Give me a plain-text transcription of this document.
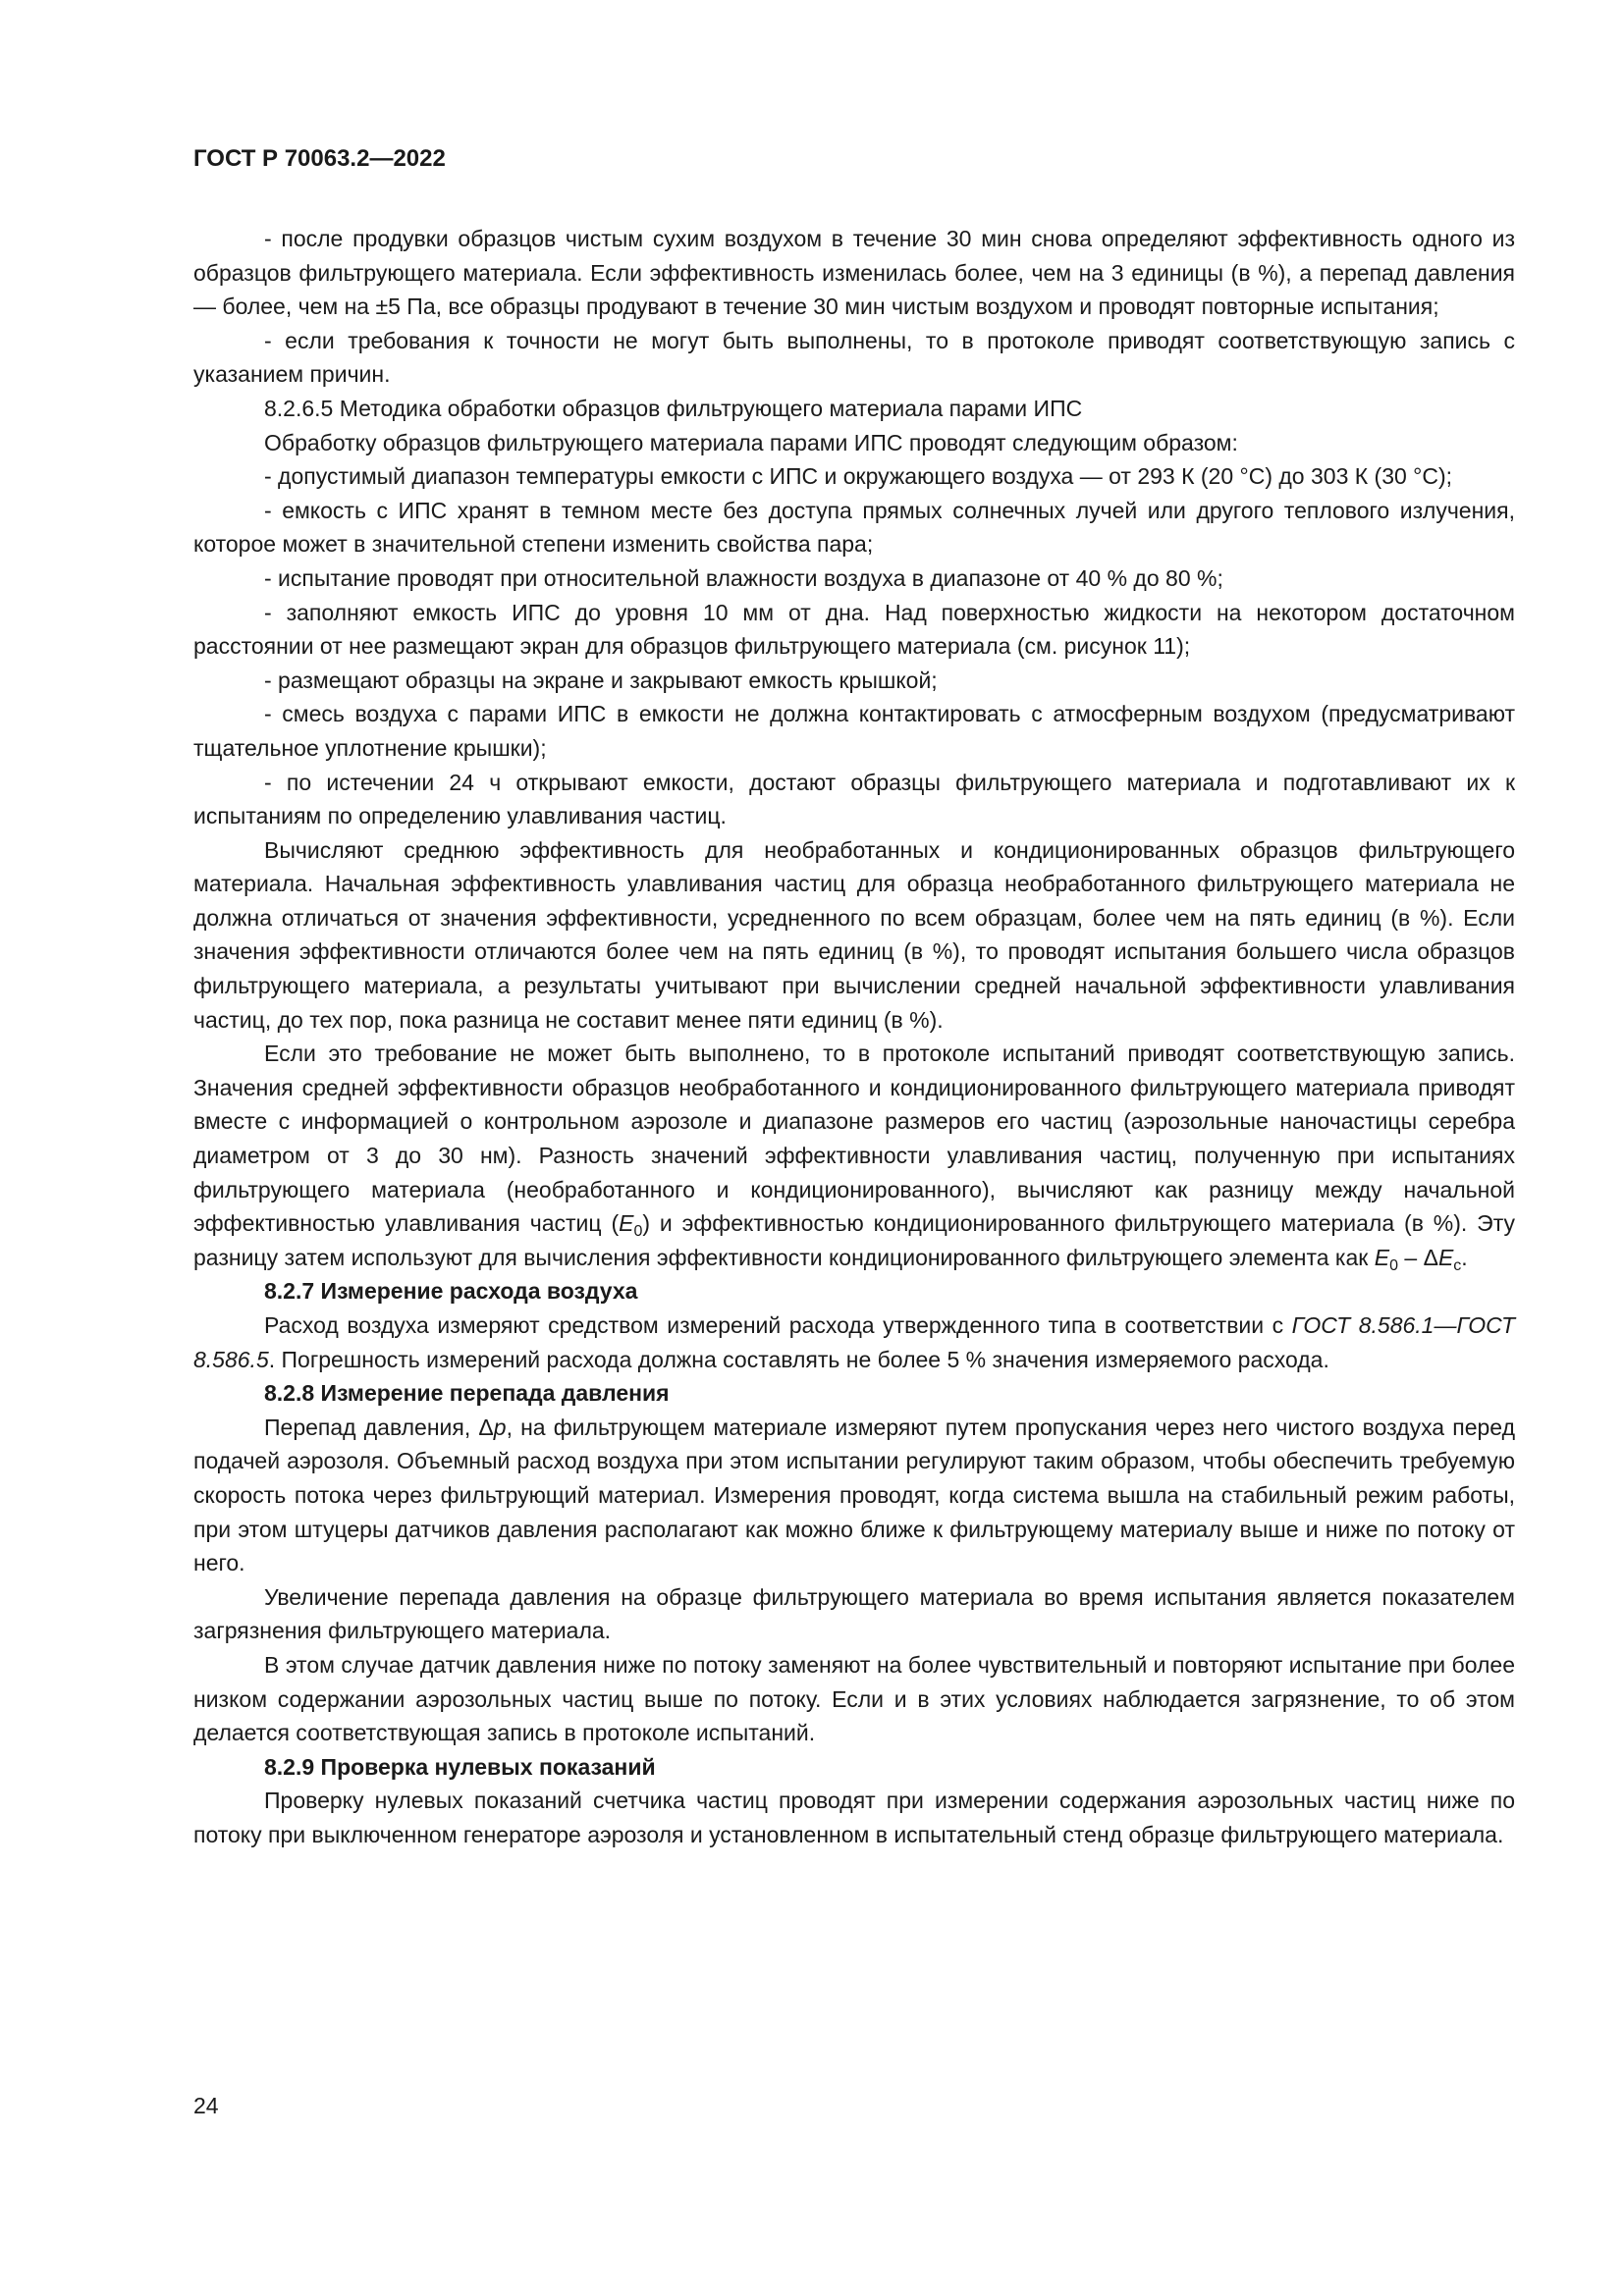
ГОСТ Р 70063.2—2022

- после продувки образцов чистым сухим воздухом в течение 30 мин снова определяют эффективность одного из образцов фильтрующего материала. Если эффективность изменилась более, чем на 3 единицы (в %), а перепад давления — более, чем на ±5 Па, все образцы продувают в течение 30 мин чистым воздухом и проводят повторные испытания;

- если требования к точности не могут быть выполнены, то в протоколе приводят соответствующую запись с указанием причин.

8.2.6.5 Методика обработки образцов фильтрующего материала парами ИПС

Обработку образцов фильтрующего материала парами ИПС проводят следующим образом:

- допустимый диапазон температуры емкости с ИПС и окружающего воздуха — от 293 К (20 °С) до 303 К (30 °С);

- емкость с ИПС хранят в темном месте без доступа прямых солнечных лучей или другого теплового излучения, которое может в значительной степени изменить свойства пара;

- испытание проводят при относительной влажности воздуха в диапазоне от 40 % до 80 %;

- заполняют емкость ИПС до уровня 10 мм от дна. Над поверхностью жидкости на некотором достаточном расстоянии от нее размещают экран для образцов фильтрующего материала (см. рисунок 11);

- размещают образцы на экране и закрывают емкость крышкой;

- смесь воздуха с парами ИПС в емкости не должна контактировать с атмосферным воздухом (предусматривают тщательное уплотнение крышки);

- по истечении 24 ч открывают емкости, достают образцы фильтрующего материала и подготавливают их к испытаниям по определению улавливания частиц.

Вычисляют среднюю эффективность для необработанных и кондиционированных образцов фильтрующего материала. Начальная эффективность улавливания частиц для образца необработанного фильтрующего материала не должна отличаться от значения эффективности, усредненного по всем образцам, более чем на пять единиц (в %). Если значения эффективности отличаются более чем на пять единиц (в %), то проводят испытания большего числа образцов фильтрующего материала, а результаты учитывают при вычислении средней начальной эффективности улавливания частиц, до тех пор, пока разница не составит менее пяти единиц (в %).

Если это требование не может быть выполнено, то в протоколе испытаний приводят соответствующую запись. Значения средней эффективности образцов необработанного и кондиционированного фильтрующего материала приводят вместе с информацией о контрольном аэрозоле и диапазоне размеров его частиц (аэрозольные наночастицы серебра диаметром от 3 до 30 нм). Разность значений эффективности улавливания частиц, полученную при испытаниях фильтрующего материала (необработанного и кондиционированного), вычисляют как разницу между начальной эффективностью улавливания частиц $(E_0)$ и эффективностью кондиционированного фильтрующего материала (в %). Эту разницу затем используют для вычисления эффективности кондиционированного фильтрующего элемента как $E_0 - \Delta E_c$.

8.2.7 Измерение расхода воздуха

Расход воздуха измеряют средством измерений расхода утвержденного типа в соответствии с ГОСТ 8.586.1—ГОСТ 8.586.5. Погрешность измерений расхода должна составлять не более 5 % значения измеряемого расхода.

8.2.8 Измерение перепада давления

Перепад давления, Δp, на фильтрующем материале измеряют путем пропускания через него чистого воздуха перед подачей аэрозоля. Объемный расход воздуха при этом испытании регулируют таким образом, чтобы обеспечить требуемую скорость потока через фильтрующий материал. Измерения проводят, когда система вышла на стабильный режим работы, при этом штуцеры датчиков давления располагают как можно ближе к фильтрующему материалу выше и ниже по потоку от него.

Увеличение перепада давления на образце фильтрующего материала во время испытания является показателем загрязнения фильтрующего материала.

В этом случае датчик давления ниже по потоку заменяют на более чувствительный и повторяют испытание при более низком содержании аэрозольных частиц выше по потоку. Если и в этих условиях наблюдается загрязнение, то об этом делается соответствующая запись в протоколе испытаний.

8.2.9 Проверка нулевых показаний

Проверку нулевых показаний счетчика частиц проводят при измерении содержания аэрозольных частиц ниже по потоку при выключенном генераторе аэрозоля и установленном в испытательный стенд образце фильтрующего материала.

24
